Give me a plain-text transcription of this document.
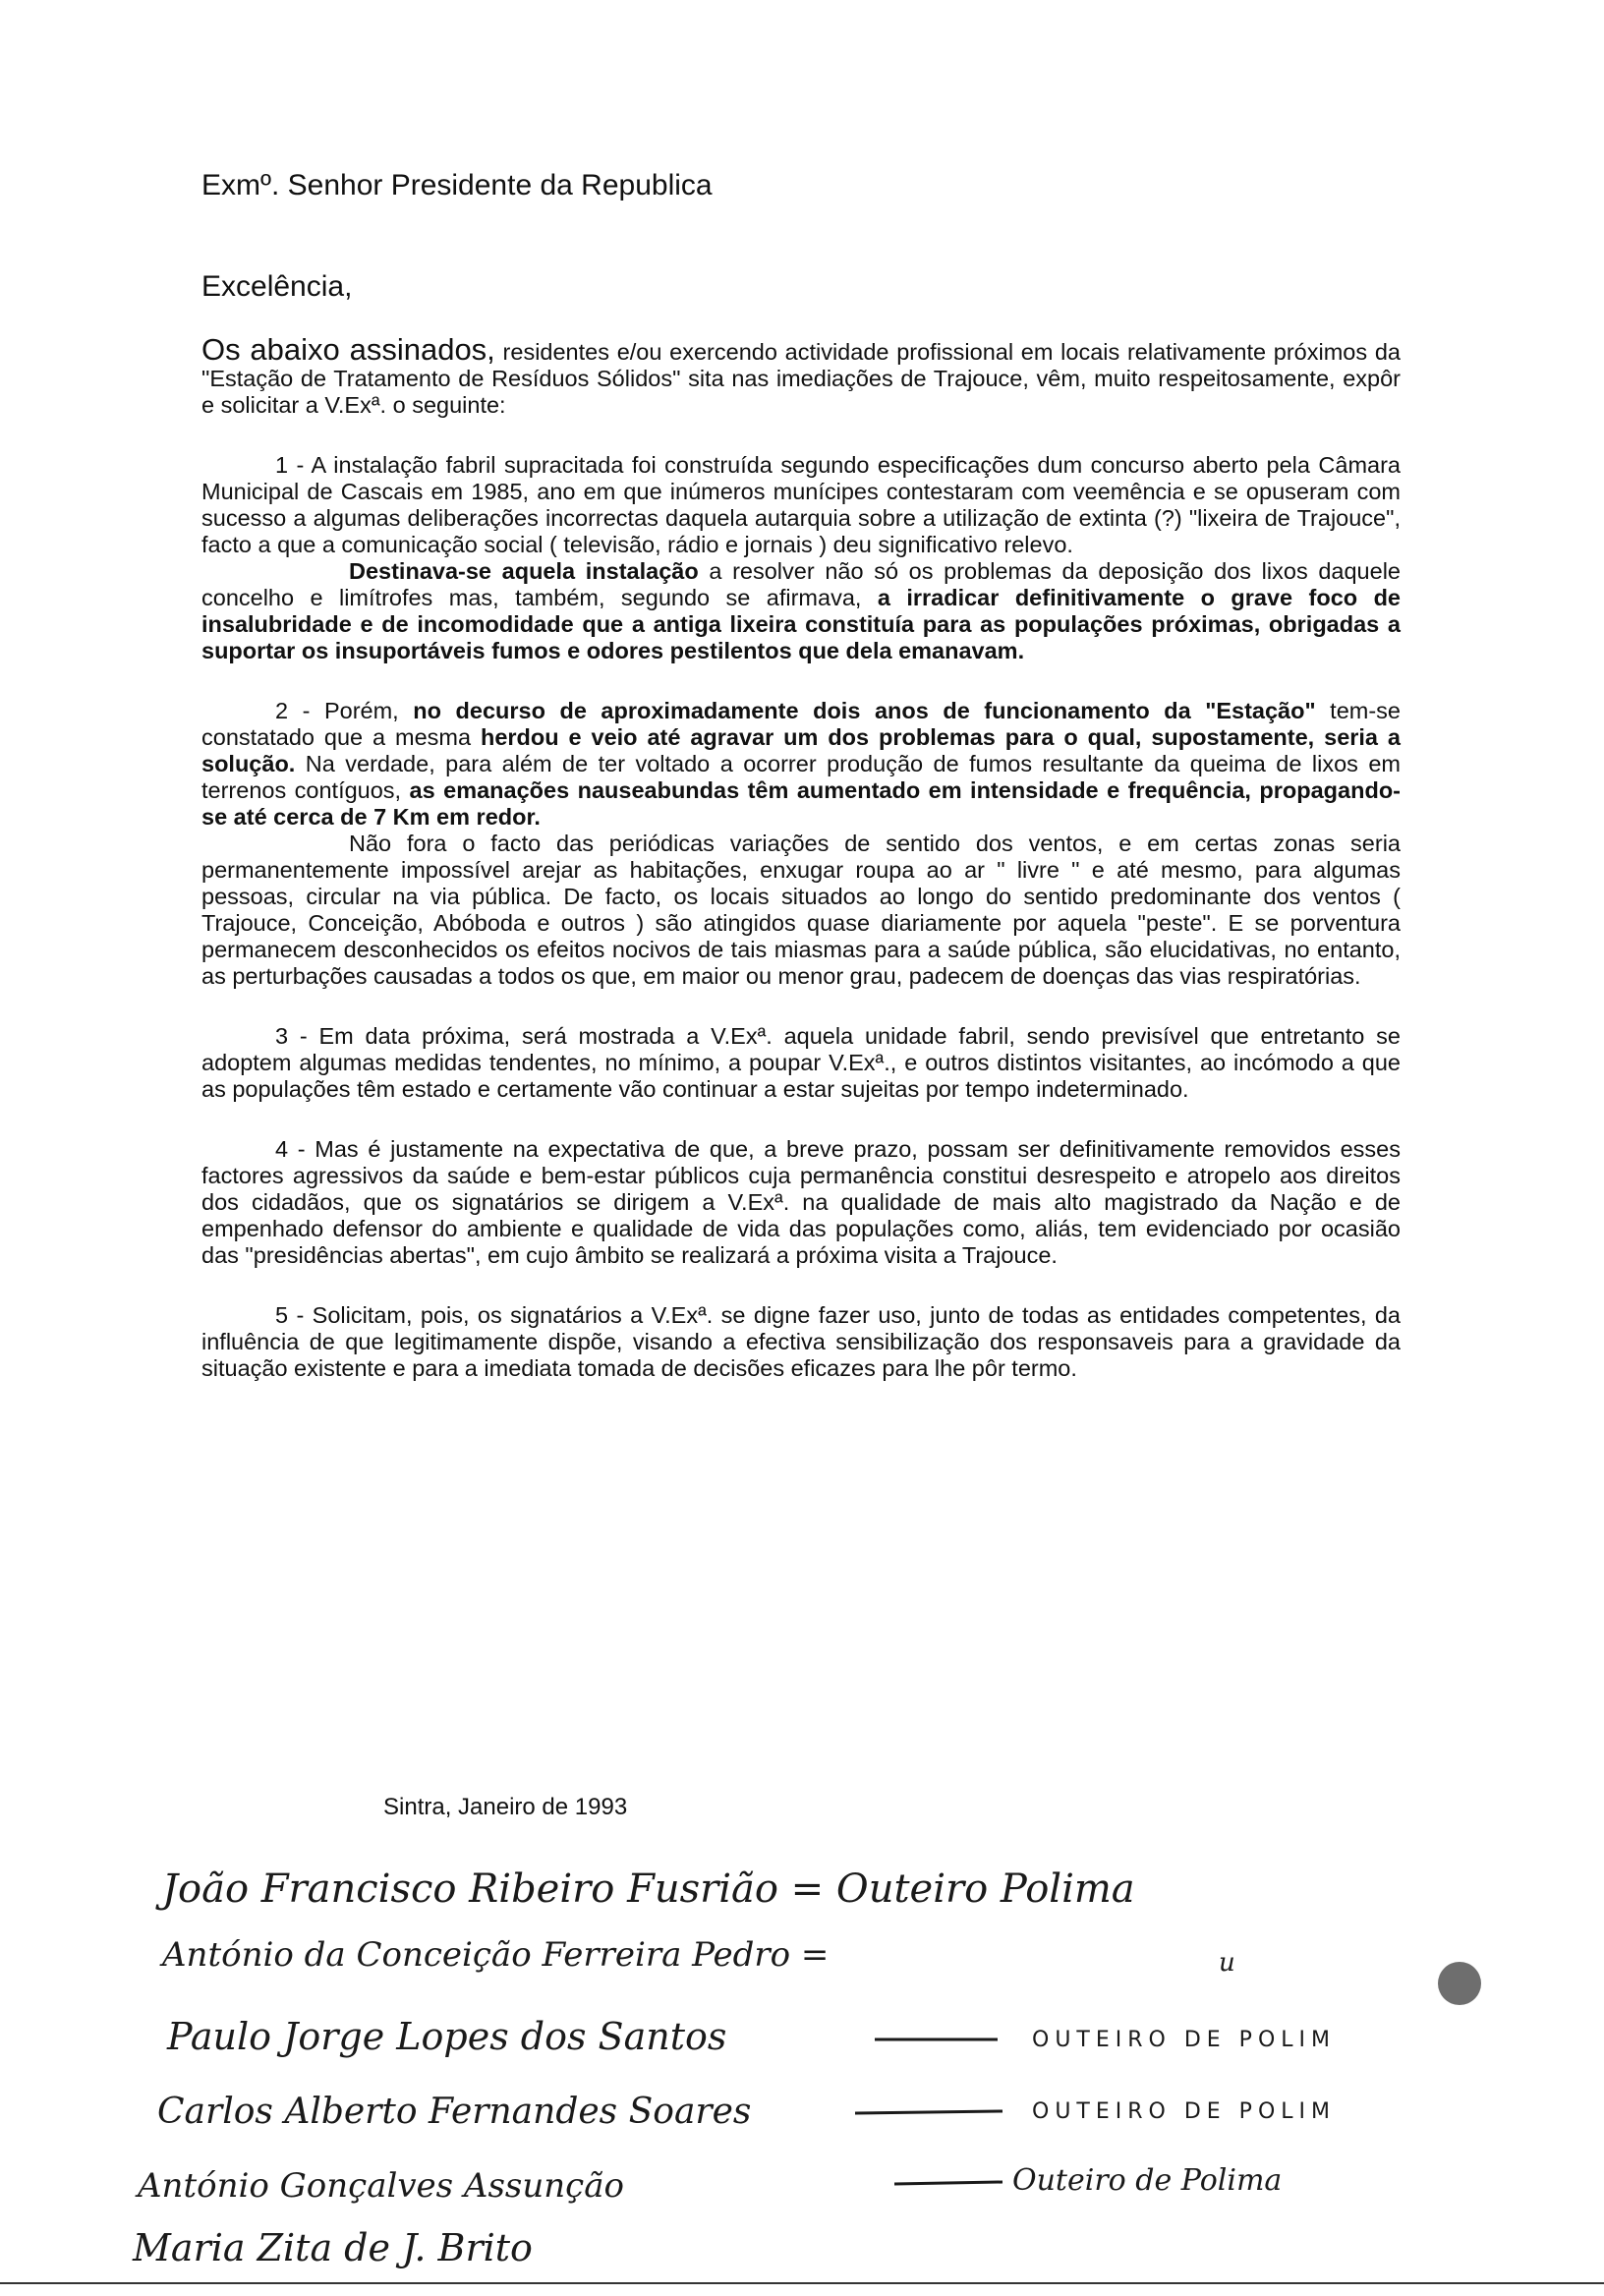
Exmº. Senhor Presidente da Republica
Excelência,

Os abaixo assinados, residentes e/ou exercendo actividade profissional em locais relativamente próximos da "Estação de Tratamento de Resíduos Sólidos" sita nas imediações de Trajouce, vêm, muito respeitosamente, expôr e solicitar a V.Exª. o seguinte:

1 - A instalação fabril supracitada foi construída segundo especificações dum concurso aberto pela Câmara Municipal de Cascais em 1985, ano em que inúmeros munícipes contestaram com veemência e se opuseram com sucesso a algumas deliberações incorrectas daquela autarquia sobre a utilização de extinta (?) "lixeira de Trajouce", facto a que a comunicação social ( televisão, rádio e jornais ) deu significativo relevo.

Destinava-se aquela instalação a resolver não só os problemas da deposição dos lixos daquele concelho e limítrofes mas, também, segundo se afirmava, a irradicar definitivamente o grave foco de insalubridade e de incomodidade que a antiga lixeira constituía para as populações próximas, obrigadas a suportar os insuportáveis fumos e odores pestilentos que dela emanavam.

2 - Porém, no decurso de aproximadamente dois anos de funcionamento da "Estação" tem-se constatado que a mesma herdou e veio até agravar um dos problemas para o qual, supostamente, seria a solução. Na verdade, para além de ter voltado a ocorrer produção de fumos resultante da queima de lixos em terrenos contíguos, as emanações nauseabundas têm aumentado em intensidade e frequência, propagando-se até cerca de 7 Km em redor.

Não fora o facto das periódicas variações de sentido dos ventos, e em certas zonas seria permanentemente impossível arejar as habitações, enxugar roupa ao ar " livre " e até mesmo, para algumas pessoas, circular na via pública. De facto, os locais situados ao longo do sentido predominante dos ventos ( Trajouce, Conceição, Abóboda e outros ) são atingidos quase diariamente por aquela "peste". E se porventura permanecem desconhecidos os efeitos nocivos de tais miasmas para a saúde pública, são elucidativas, no entanto, as perturbações causadas a todos os que, em maior ou menor grau, padecem de doenças das vias respiratórias.

3 - Em data próxima, será mostrada a V.Exª. aquela unidade fabril, sendo previsível que entretanto se adoptem algumas medidas tendentes, no mínimo, a poupar V.Exª., e outros distintos visitantes, ao incómodo a que as populações têm estado e certamente vão continuar a estar sujeitas por tempo indeterminado.

4 - Mas é justamente na expectativa de que, a breve prazo, possam ser definitivamente removidos esses factores agressivos da saúde e bem-estar públicos cuja permanência constitui desrespeito e atropelo aos direitos dos cidadãos, que os signatários se dirigem a V.Exª. na qualidade de mais alto magistrado da Nação e de empenhado defensor do ambiente e qualidade de vida das populações como, aliás, tem evidenciado por ocasião das "presidências abertas", em cujo âmbito se realizará a próxima visita a Trajouce.

5 - Solicitam, pois, os signatários a V.Exª. se digne fazer uso, junto de todas as entidades competentes, da influência de que legitimamente dispõe, visando a efectiva sensibilização dos responsaveis para a gravidade da situação existente e para a imediata tomada de decisões eficazes para lhe pôr termo.

Sintra, Janeiro de 1993
João Francisco Ribeiro Fusrião = Outeiro Polima
António da Conceição Ferreira Pedro =	u
Paulo Jorge Lopes dos Santos	OUTEIRO DE POLIM
Carlos Alberto Fernandes Soares	OUTEIRO DE POLIM
António Gonçalves Assunção	Outeiro de Polima
Maria Zita de J. Brito
